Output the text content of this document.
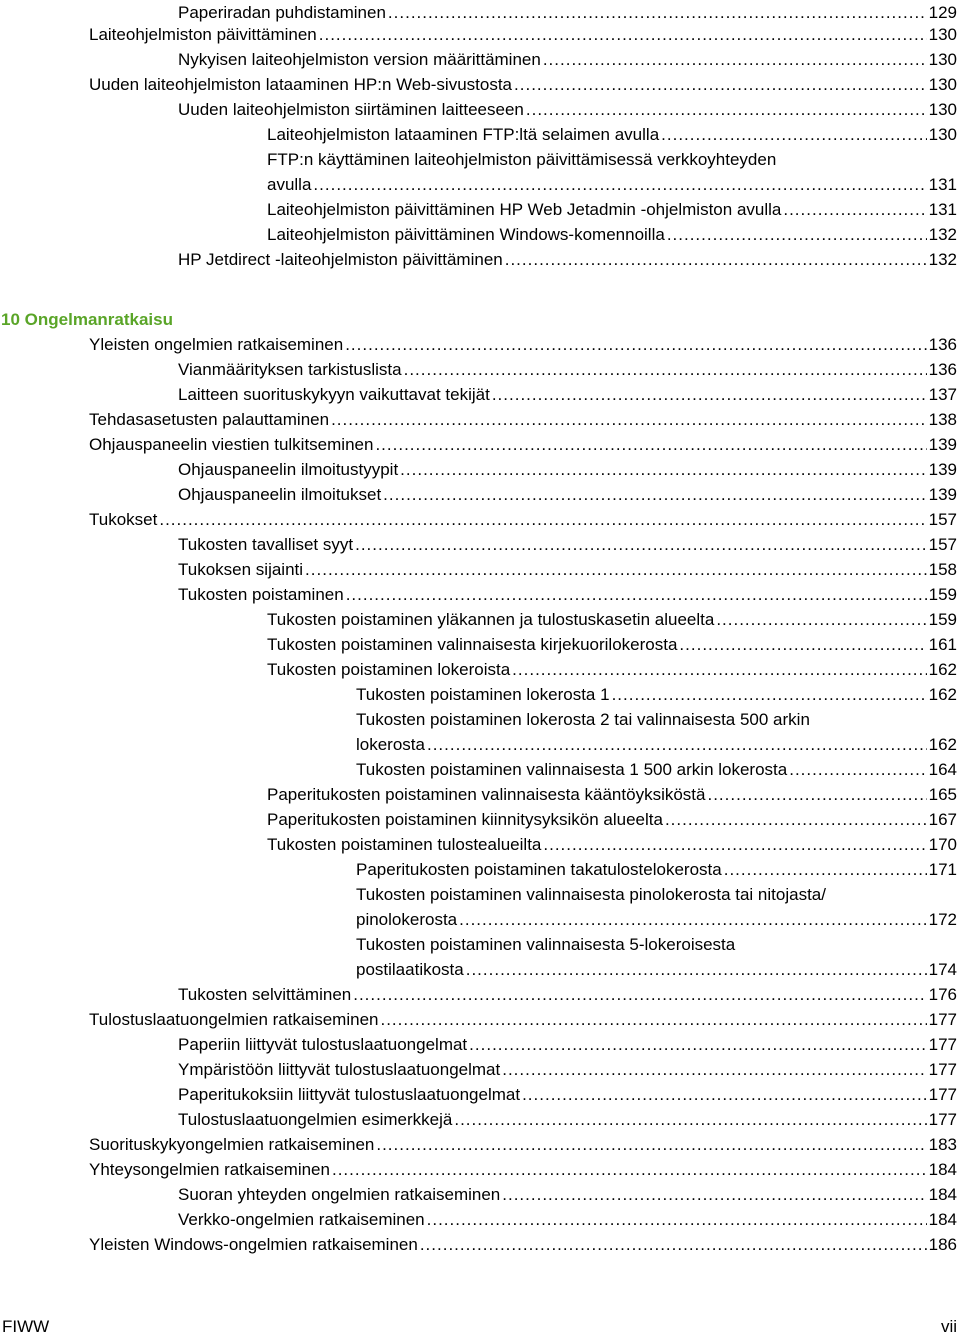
Paperiradan puhdistaminen .....	129
Laiteohjelmiston päivittäminen .....	130
Nykyisen laiteohjelmiston version määrittäminen .....	130
Uuden laiteohjelmiston lataaminen HP:n Web-sivustosta .....	130
Uuden laiteohjelmiston siirtäminen laitteeseen .....	130
Laiteohjelmiston lataaminen FTP:ltä selaimen avulla .....	130
FTP:n käyttäminen laiteohjelmiston päivittämisessä verkkoyhteyden
avulla .....	131
Laiteohjelmiston päivittäminen HP Web Jetadmin -ohjelmiston avulla .....	131
Laiteohjelmiston päivittäminen Windows-komennoilla .....	132
HP Jetdirect -laiteohjelmiston päivittäminen .....	132
10 Ongelmanratkaisu
Yleisten ongelmien ratkaiseminen .....	136
Vianmäärityksen tarkistuslista .....	136
Laitteen suorituskykyyn vaikuttavat tekijät .....	137
Tehdasasetusten palauttaminen .....	138
Ohjauspaneelin viestien tulkitseminen .....	139
Ohjauspaneelin ilmoitustyypit .....	139
Ohjauspaneelin ilmoitukset .....	139
Tukokset .....	157
Tukosten tavalliset syyt .....	157
Tukoksen sijainti .....	158
Tukosten poistaminen .....	159
Tukosten poistaminen yläkannen ja tulostuskasetin alueelta .....	159
Tukosten poistaminen valinnaisesta kirjekuorilokerosta .....	161
Tukosten poistaminen lokeroista .....	162
Tukosten poistaminen lokerosta 1 .....	162
Tukosten poistaminen lokerosta 2 tai valinnaisesta 500 arkin
lokerosta .....	162
Tukosten poistaminen valinnaisesta 1 500 arkin lokerosta .....	164
Paperitukosten poistaminen valinnaisesta kääntöyksiköstä .....	165
Paperitukosten poistaminen kiinnitysyksikön alueelta .....	167
Tukosten poistaminen tulostealueilta .....	170
Paperitukosten poistaminen takatulostelokerosta .....	171
Tukosten poistaminen valinnaisesta pinolokerosta tai nitojasta/
pinolokerosta .....	172
Tukosten poistaminen valinnaisesta 5-lokeroisesta
postilaatikosta .....	174
Tukosten selvittäminen .....	176
Tulostuslaatuongelmien ratkaiseminen .....	177
Paperiin liittyvät tulostuslaatuongelmat .....	177
Ympäristöön liittyvät tulostuslaatuongelmat .....	177
Paperitukoksiin liittyvät tulostuslaatuongelmat .....	177
Tulostuslaatuongelmien esimerkkejä .....	177
Suorituskykyongelmien ratkaiseminen .....	183
Yhteysongelmien ratkaiseminen .....	184
Suoran yhteyden ongelmien ratkaiseminen .....	184
Verkko-ongelmien ratkaiseminen .....	184
Yleisten Windows-ongelmien ratkaiseminen .....	186
FIWW	vii
